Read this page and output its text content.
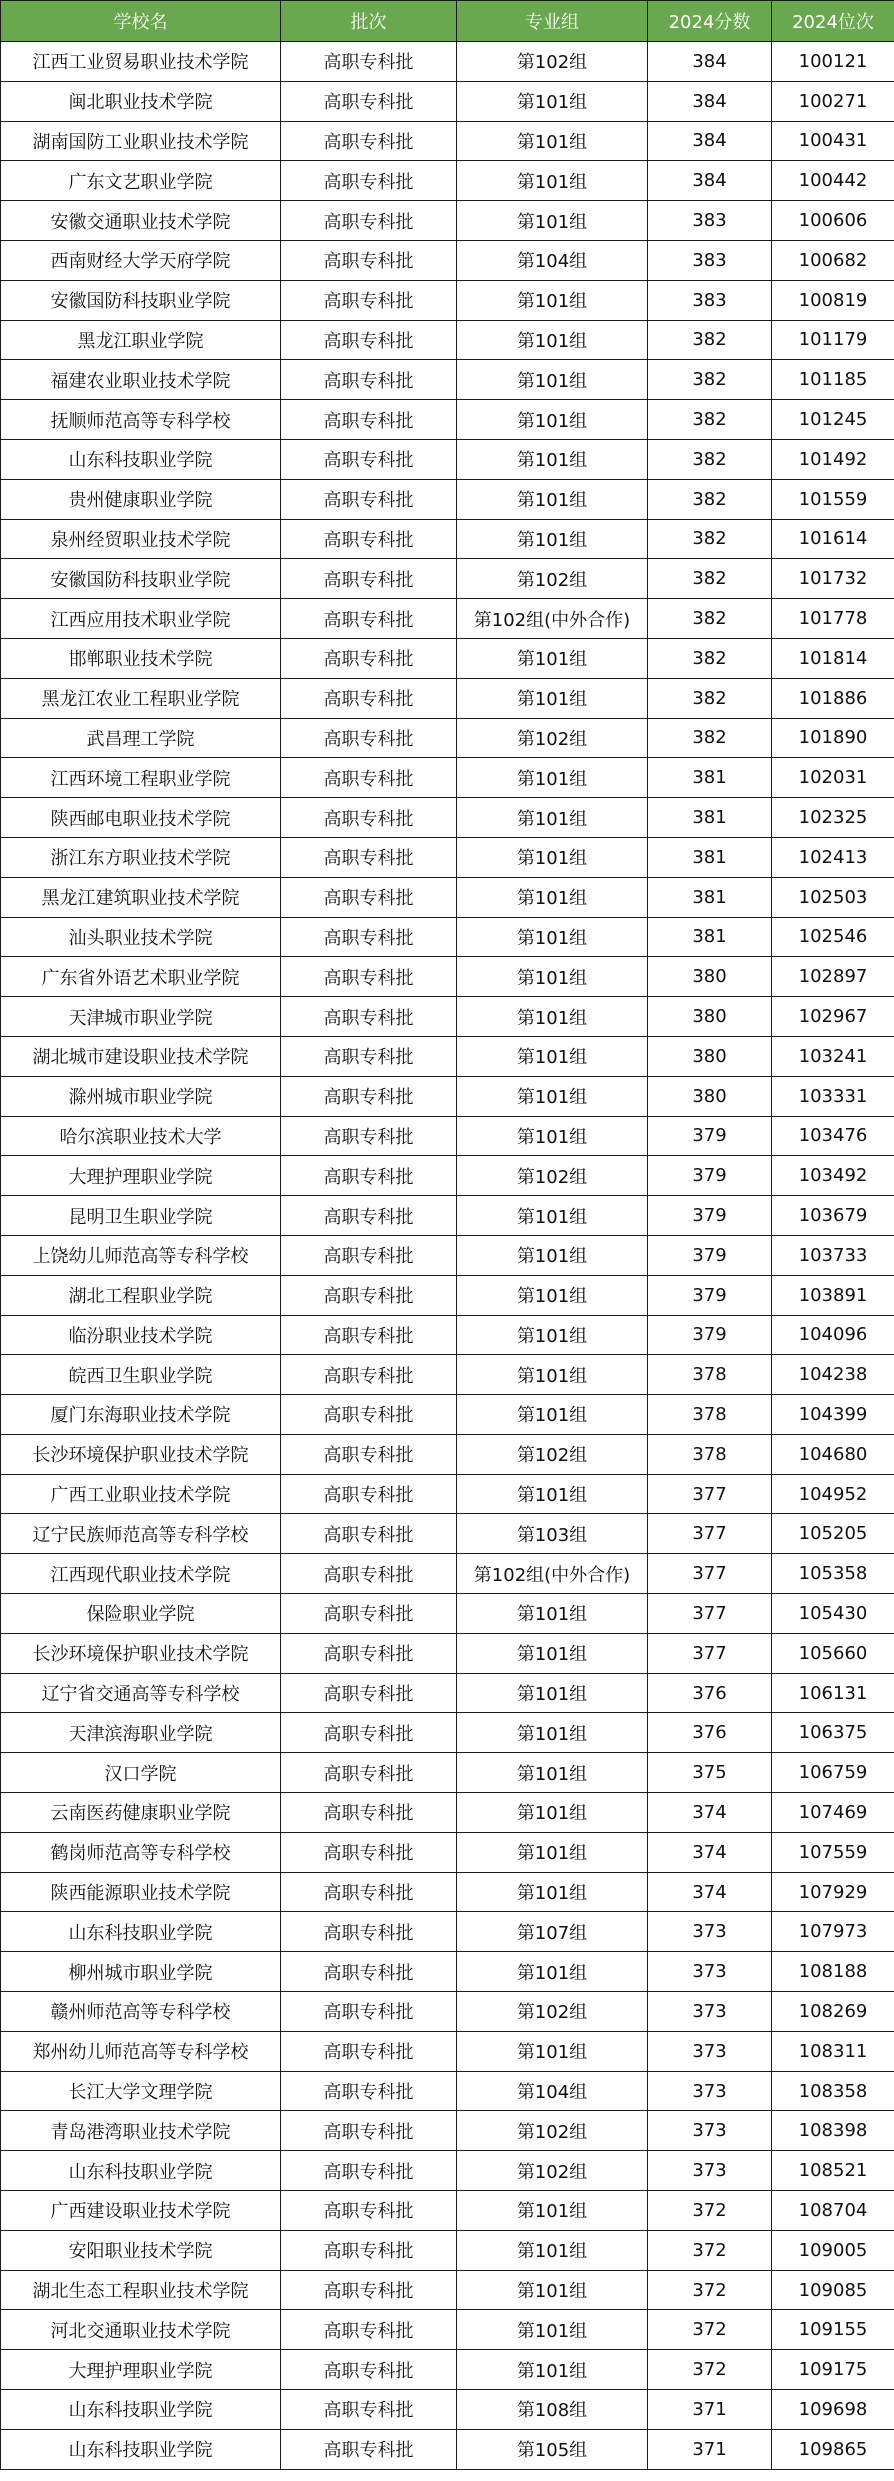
学校名	批次	专业组	2024分数	2024位次
江西工业贸易职业技术学院	高职专科批	第102组	384	100121
闽北职业技术学院	高职专科批	第101组	384	100271
湖南国防工业职业技术学院	高职专科批	第101组	384	100431
广东文艺职业学院	高职专科批	第101组	384	100442
安徽交通职业技术学院	高职专科批	第101组	383	100606
西南财经大学天府学院	高职专科批	第104组	383	100682
安徽国防科技职业学院	高职专科批	第101组	383	100819
黑龙江职业学院	高职专科批	第101组	382	101179
福建农业职业技术学院	高职专科批	第101组	382	101185
抚顺师范高等专科学校	高职专科批	第101组	382	101245
山东科技职业学院	高职专科批	第101组	382	101492
贵州健康职业学院	高职专科批	第101组	382	101559
泉州经贸职业技术学院	高职专科批	第101组	382	101614
安徽国防科技职业学院	高职专科批	第102组	382	101732
江西应用技术职业学院	高职专科批	第102组(中外合作)	382	101778
邯郸职业技术学院	高职专科批	第101组	382	101814
黑龙江农业工程职业学院	高职专科批	第101组	382	101886
武昌理工学院	高职专科批	第102组	382	101890
江西环境工程职业学院	高职专科批	第101组	381	102031
陕西邮电职业技术学院	高职专科批	第101组	381	102325
浙江东方职业技术学院	高职专科批	第101组	381	102413
黑龙江建筑职业技术学院	高职专科批	第101组	381	102503
汕头职业技术学院	高职专科批	第101组	381	102546
广东省外语艺术职业学院	高职专科批	第101组	380	102897
天津城市职业学院	高职专科批	第101组	380	102967
湖北城市建设职业技术学院	高职专科批	第101组	380	103241
滁州城市职业学院	高职专科批	第101组	380	103331
哈尔滨职业技术大学	高职专科批	第101组	379	103476
大理护理职业学院	高职专科批	第102组	379	103492
昆明卫生职业学院	高职专科批	第101组	379	103679
上饶幼儿师范高等专科学校	高职专科批	第101组	379	103733
湖北工程职业学院	高职专科批	第101组	379	103891
临汾职业技术学院	高职专科批	第101组	379	104096
皖西卫生职业学院	高职专科批	第101组	378	104238
厦门东海职业技术学院	高职专科批	第101组	378	104399
长沙环境保护职业技术学院	高职专科批	第102组	378	104680
广西工业职业技术学院	高职专科批	第101组	377	104952
辽宁民族师范高等专科学校	高职专科批	第103组	377	105205
江西现代职业技术学院	高职专科批	第102组(中外合作)	377	105358
保险职业学院	高职专科批	第101组	377	105430
长沙环境保护职业技术学院	高职专科批	第101组	377	105660
辽宁省交通高等专科学校	高职专科批	第101组	376	106131
天津滨海职业学院	高职专科批	第101组	376	106375
汉口学院	高职专科批	第101组	375	106759
云南医药健康职业学院	高职专科批	第101组	374	107469
鹤岗师范高等专科学校	高职专科批	第101组	374	107559
陕西能源职业技术学院	高职专科批	第101组	374	107929
山东科技职业学院	高职专科批	第107组	373	107973
柳州城市职业学院	高职专科批	第101组	373	108188
赣州师范高等专科学校	高职专科批	第102组	373	108269
郑州幼儿师范高等专科学校	高职专科批	第101组	373	108311
长江大学文理学院	高职专科批	第104组	373	108358
青岛港湾职业技术学院	高职专科批	第102组	373	108398
山东科技职业学院	高职专科批	第102组	373	108521
广西建设职业技术学院	高职专科批	第101组	372	108704
安阳职业技术学院	高职专科批	第101组	372	109005
湖北生态工程职业技术学院	高职专科批	第101组	372	109085
河北交通职业技术学院	高职专科批	第101组	372	109155
大理护理职业学院	高职专科批	第101组	372	109175
山东科技职业学院	高职专科批	第108组	371	109698
山东科技职业学院	高职专科批	第105组	371	109865
